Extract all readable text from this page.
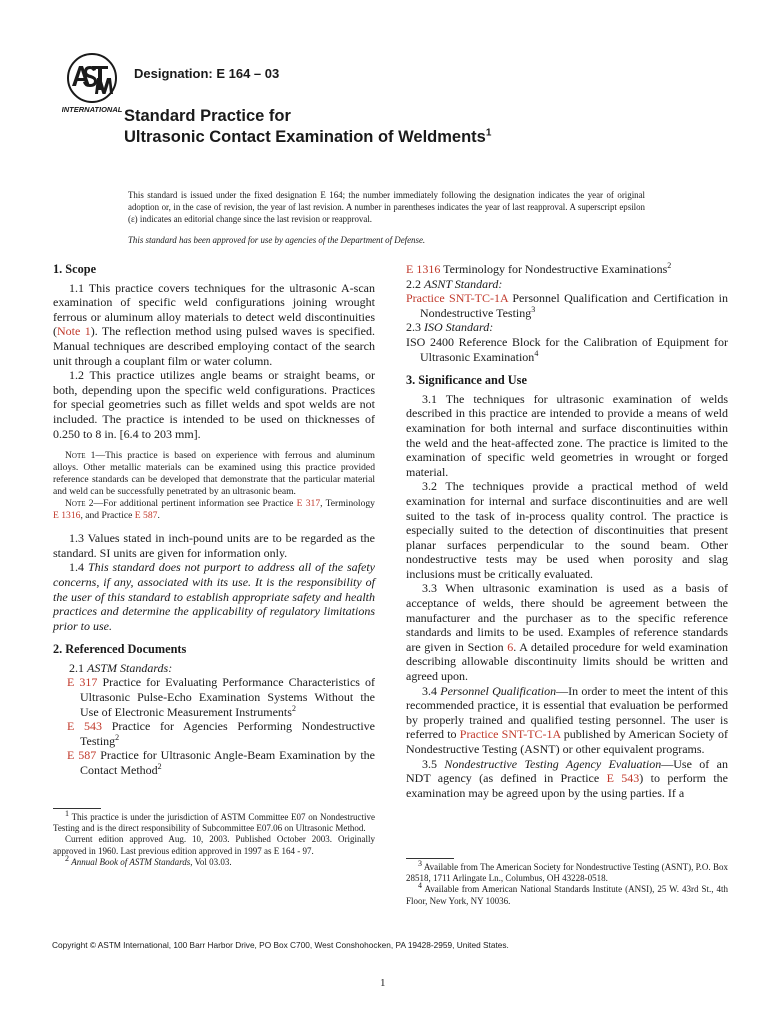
INTERNATIONAL
Designation: E 164 – 03
Standard Practice for
Ultrasonic Contact Examination of Weldments$^1$
This standard is issued under the fixed designation E 164; the number immediately following the designation indicates the year of original adoption or, in the case of revision, the year of last revision. A number in parentheses indicates the year of last reapproval. A superscript epsilon (ε) indicates an editorial change since the last revision or reapproval.
This standard has been approved for use by agencies of the Department of Defense.
1. Scope

1.1 This practice covers techniques for the ultrasonic A-scan examination of specific weld configurations joining wrought ferrous or aluminum alloy materials to detect weld discontinuities (Note 1). The reflection method using pulsed waves is specified. Manual techniques are described employing contact of the search unit through a couplant film or water column.

1.2 This practice utilizes angle beams or straight beams, or both, depending upon the specific weld configurations. Practices for special geometries such as fillet welds and spot welds are not included. The practice is intended to be used on thicknesses of 0.250 to 8 in. [6.4 to 203 mm].

Note 1—This practice is based on experience with ferrous and aluminum alloys. Other metallic materials can be examined using this practice provided reference standards can be developed that demonstrate that the particular material and weld can be successfully penetrated by an ultrasonic beam.

Note 2—For additional pertinent information see Practice E 317, Terminology E 1316, and Practice E 587.

1.3 Values stated in inch-pound units are to be regarded as the standard. SI units are given for information only.

1.4 This standard does not purport to address all of the safety concerns, if any, associated with its use. It is the responsibility of the user of this standard to establish appropriate safety and health practices and determine the applicability of regulatory limitations prior to use.

2. Referenced Documents

2.1 ASTM Standards:

E 317 Practice for Evaluating Performance Characteristics of Ultrasonic Pulse-Echo Examination Systems Without the Use of Electronic Measurement Instruments$^2$

E 543 Practice for Agencies Performing Nondestructive Testing$^2$

E 587 Practice for Ultrasonic Angle-Beam Examination by the Contact Method$^2$

$^1$ This practice is under the jurisdiction of ASTM Committee E07 on Nondestructive Testing and is the direct responsibility of Subcommittee E07.06 on Ultrasonic Method.

Current edition approved Aug. 10, 2003. Published October 2003. Originally approved in 1960. Last previous edition approved in 1997 as E 164 - 97.

$^2$ Annual Book of ASTM Standards, Vol 03.03.

E 1316 Terminology for Nondestructive Examinations$^2$

2.2 ASNT Standard:

Practice SNT-TC-1A Personnel Qualification and Certification in Nondestructive Testing$^3$

2.3 ISO Standard:

ISO 2400 Reference Block for the Calibration of Equipment for Ultrasonic Examination$^4$

3. Significance and Use

3.1 The techniques for ultrasonic examination of welds described in this practice are intended to provide a means of weld examination for both internal and surface discontinuities within the weld and the heat-affected zone. The practice is limited to the examination of specific weld geometries in wrought or forged material.

3.2 The techniques provide a practical method of weld examination for internal and surface discontinuities and are well suited to the task of in-process quality control. The practice is especially suited to the detection of discontinuities that present planar surfaces perpendicular to the sound beam. Other nondestructive tests may be used when porosity and slag inclusions must be critically evaluated.

3.3 When ultrasonic examination is used as a basis of acceptance of welds, there should be agreement between the manufacturer and the purchaser as to the specific reference standards and limits to be used. Examples of reference standards are given in Section 6. A detailed procedure for weld examination describing allowable discontinuity limits should be written and agreed upon.

3.4 Personnel Qualification—In order to meet the intent of this recommended practice, it is essential that evaluation be performed by properly trained and qualified testing personnel. The user is referred to Practice SNT-TC-1A published by American Society of Nondestructive Testing (ASNT) or other equivalent programs.

3.5 Nondestructive Testing Agency Evaluation—Use of an NDT agency (as defined in Practice E 543) to perform the examination may be agreed upon by the using parties. If a

$^3$ Available from The American Society for Nondestructive Testing (ASNT), P.O. Box 28518, 1711 Arlingate Ln., Columbus, OH 43228-0518.

$^4$ Available from American National Standards Institute (ANSI), 25 W. 43rd St., 4th Floor, New York, NY 10036.

Copyright © ASTM International, 100 Barr Harbor Drive, PO Box C700, West Conshohocken, PA 19428-2959, United States.
1
